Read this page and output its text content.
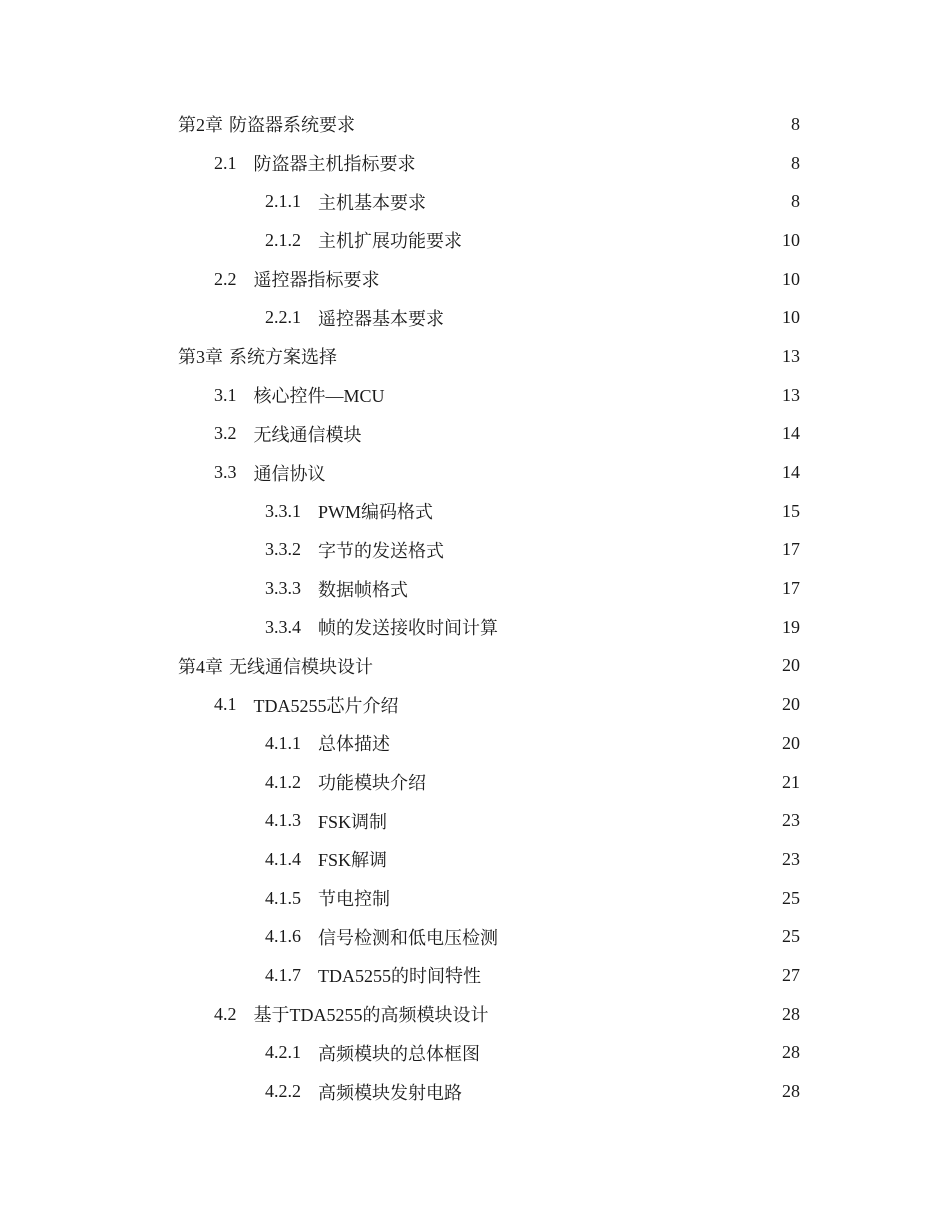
第2章 防盗器系统要求	8
2.1 防盗器主机指标要求	8
2.1.1 主机基本要求	8
2.1.2 主机扩展功能要求	10
2.2 遥控器指标要求	10
2.2.1 遥控器基本要求	10
第3章 系统方案选择	13
3.1 核心控件—MCU	13
3.2 无线通信模块	14
3.3 通信协议	14
3.3.1 PWM编码格式	15
3.3.2 字节的发送格式	17
3.3.3 数据帧格式	17
3.3.4 帧的发送接收时间计算	19
第4章 无线通信模块设计	20
4.1 TDA5255芯片介绍	20
4.1.1 总体描述	20
4.1.2 功能模块介绍	21
4.1.3 FSK调制	23
4.1.4 FSK解调	23
4.1.5 节电控制	25
4.1.6 信号检测和低电压检测	25
4.1.7 TDA5255的时间特性	27
4.2 基于TDA5255的高频模块设计	28
4.2.1 高频模块的总体框图	28
4.2.2 高频模块发射电路	28
